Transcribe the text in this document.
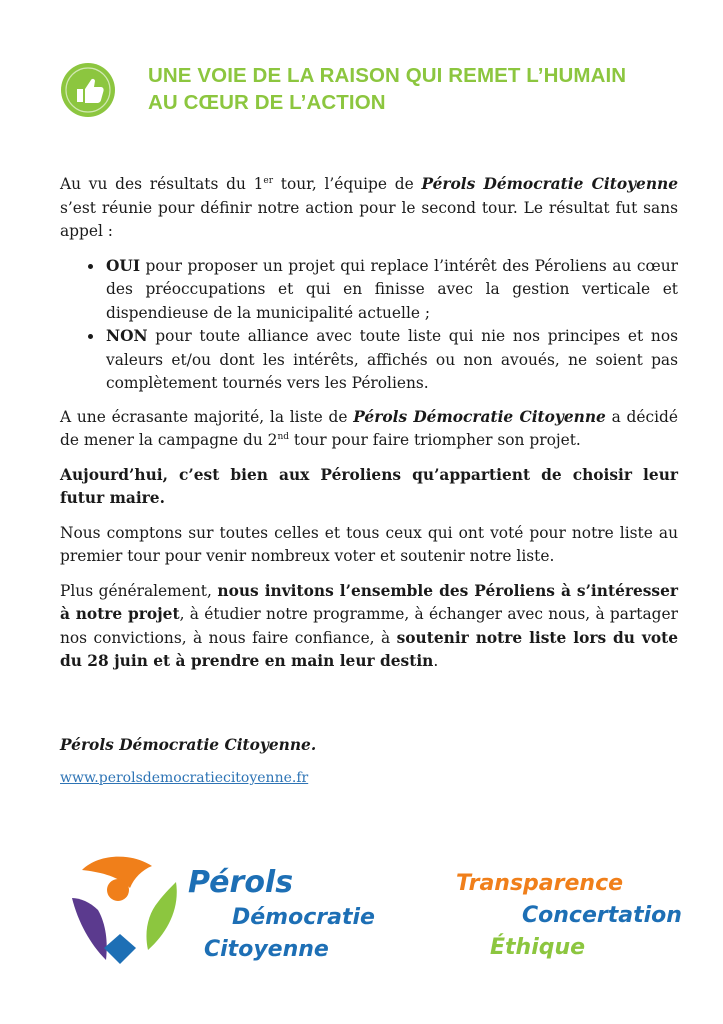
UNE VOIE DE LA RAISON QUI REMET L’HUMAIN
AU CŒUR DE L’ACTION

Au vu des résultats du 1er tour, l’équipe de Pérols Démocratie Citoyenne s’est réunie pour définir notre action pour le second tour. Le résultat fut sans appel :

• OUI pour proposer un projet qui replace l’intérêt des Péroliens au cœur des préoccupations et qui en finisse avec la gestion verticale et dispendieuse de la municipalité actuelle ;
• NON pour toute alliance avec toute liste qui nie nos principes et nos valeurs et/ou dont les intérêts, affichés ou non avoués, ne soient pas complètement tournés vers les Péroliens.

A une écrasante majorité, la liste de Pérols Démocratie Citoyenne a décidé de mener la campagne du 2nd tour pour faire triompher son projet.

Aujourd’hui, c’est bien aux Péroliens qu’appartient de choisir leur futur maire.

Nous comptons sur toutes celles et tous ceux qui ont voté pour notre liste au premier tour pour venir nombreux voter et soutenir notre liste.

Plus généralement, nous invitons l’ensemble des Péroliens à s’intéresser à notre projet, à étudier notre programme, à échanger avec nous, à partager nos convictions, à nous faire confiance, à soutenir notre liste lors du vote du 28 juin et à prendre en main leur destin.

Pérols Démocratie Citoyenne.
www.perolsdemocratiecitoyenne.fr
Pérols
Démocratie
Citoyenne
Transparence
Concertation
Éthique
